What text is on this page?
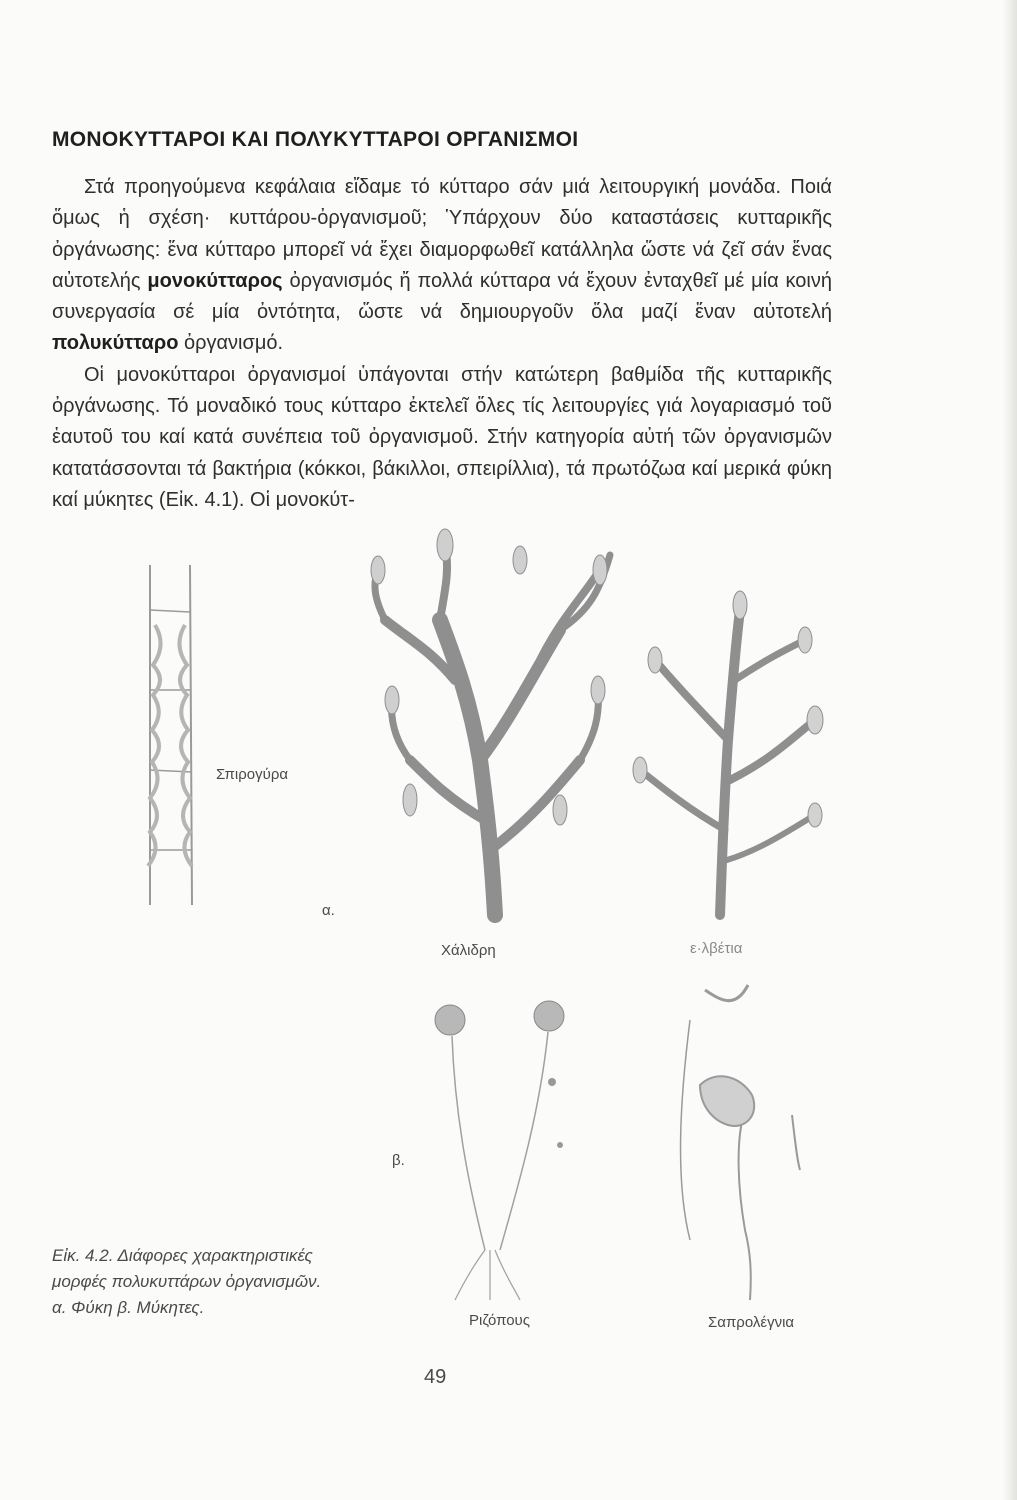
ΜΟΝΟΚΥΤΤΑΡΟΙ ΚΑΙ ΠΟΛΥΚΥΤΤΑΡΟΙ ΟΡΓΑΝΙΣΜΟΙ

Στά προηγούμενα κεφάλαια εἴδαμε τό κύτταρο σάν μιά λειτουργική μονάδα. Ποιά ὅμως ἡ σχέση· κυττάρου-ὀργανισμοῦ; Ὑπάρχουν δύο καταστάσεις κυτταρικῆς ὀργάνωσης: ἕνα κύτταρο μπορεῖ νά ἔχει διαμορφωθεῖ κατάλληλα ὥστε νά ζεῖ σάν ἕνας αὐτοτελής μονοκύτταρος ὀργανισμός ἤ πολλά κύτταρα νά ἔχουν ἐνταχθεῖ μέ μία κοινή συνεργασία σέ μία ὀντότητα, ὥστε νά δημιουργοῦν ὅλα μαζί ἕναν αὐτοτελή πολυκύτταρο ὀργανισμό.

Οἱ μονοκύτταροι ὀργανισμοί ὑπάγονται στήν κατώτερη βαθμίδα τῆς κυτταρικῆς ὀργάνωσης. Τό μοναδικό τους κύτταρο ἐκτελεῖ ὅλες τίς λειτουργίες γιά λογαριασμό τοῦ ἑαυτοῦ του καί κατά συνέπεια τοῦ ὀργανισμοῦ. Στήν κατηγορία αὐτή τῶν ὀργανισμῶν κατατάσσονται τά βακτήρια (κόκκοι, βάκιλλοι, σπειρίλλια), τά πρωτόζωα καί μερικά φύκη καί μύκητες (Εἰκ. 4.1). Οἱ μονοκύτ-

Σπιρογύρα
α.
Χάλιδρη	ε·λβέτια
β.
Ριζόπους	Σαπρολέγνια
Εἰκ. 4.2. Διάφορες χαρακτηριστικές
μορφές πολυκυττάρων ὀργανισμῶν.
α. Φύκη β. Μύκητες.
49
